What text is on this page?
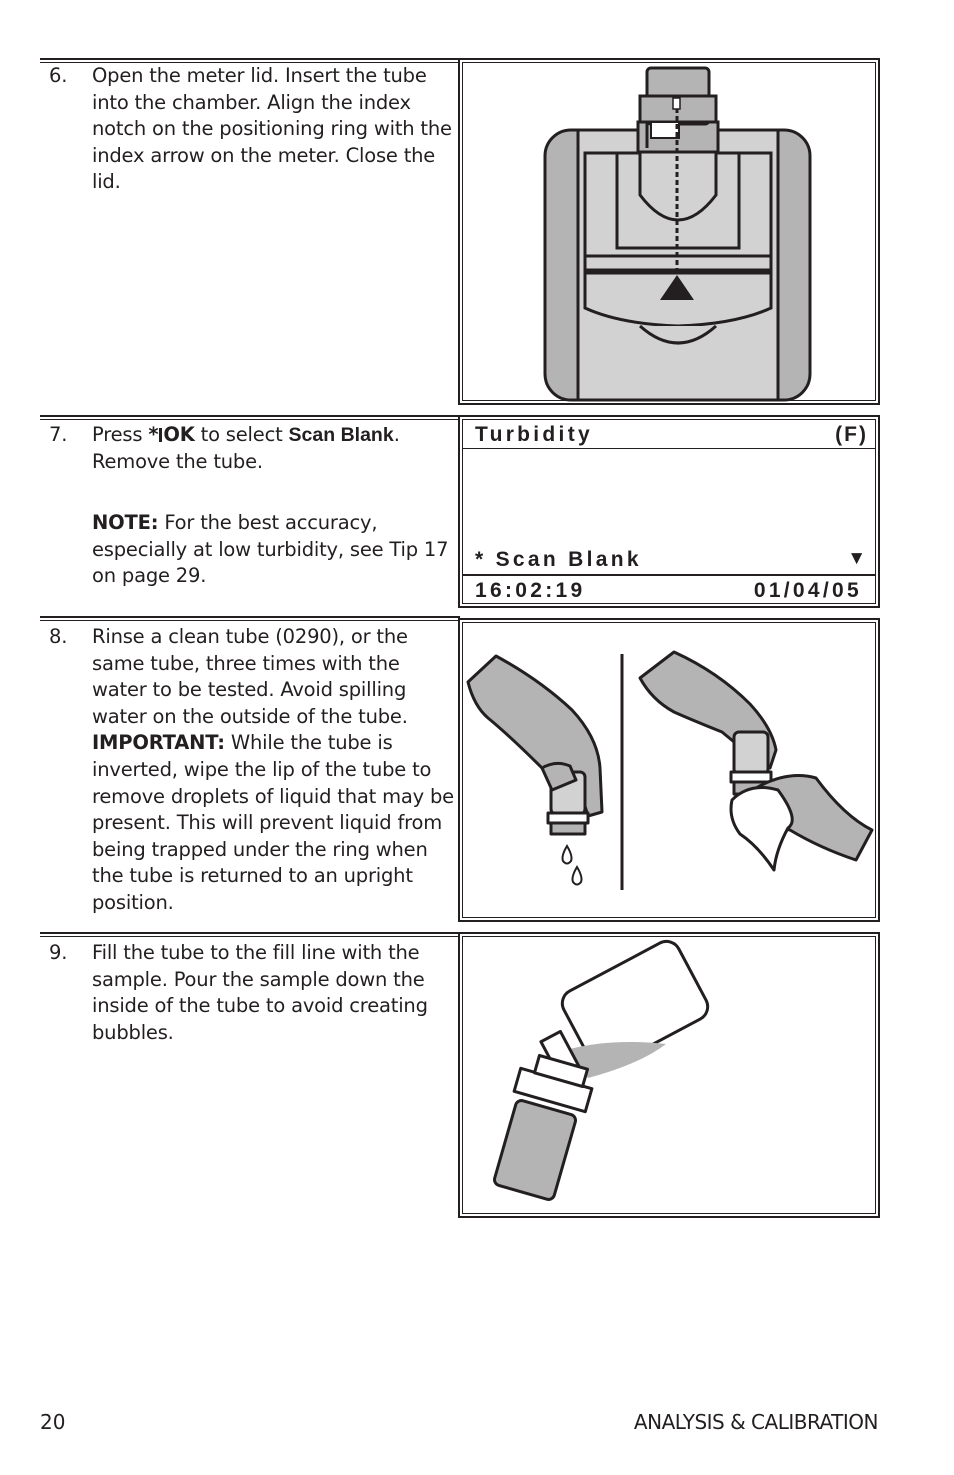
6. Open the meter lid. Insert the tube into the chamber. Align the index notch on the positioning ring with the index arrow on the meter. Close the lid.

7. Press * OK to select Scan Blank. Remove the tube.

NOTE: For the best accuracy, especially at low turbidity, see Tip 17 on page 29.

8. Rinse a clean tube (0290), or the same tube, three times with the water to be tested. Avoid spilling water on the outside of the tube. IMPORTANT: While the tube is inverted, wipe the lip of the tube to remove droplets of liquid that may be present. This will prevent liquid from being trapped under the ring when the tube is returned to an upright position.

9. Fill the tube to the fill line with the sample. Pour the sample down the inside of the tube to avoid creating bubbles.

Turbidity	(F)
* Scan Blank	▼
16:02:19	01/04/05
20	ANALYSIS & CALIBRATION
